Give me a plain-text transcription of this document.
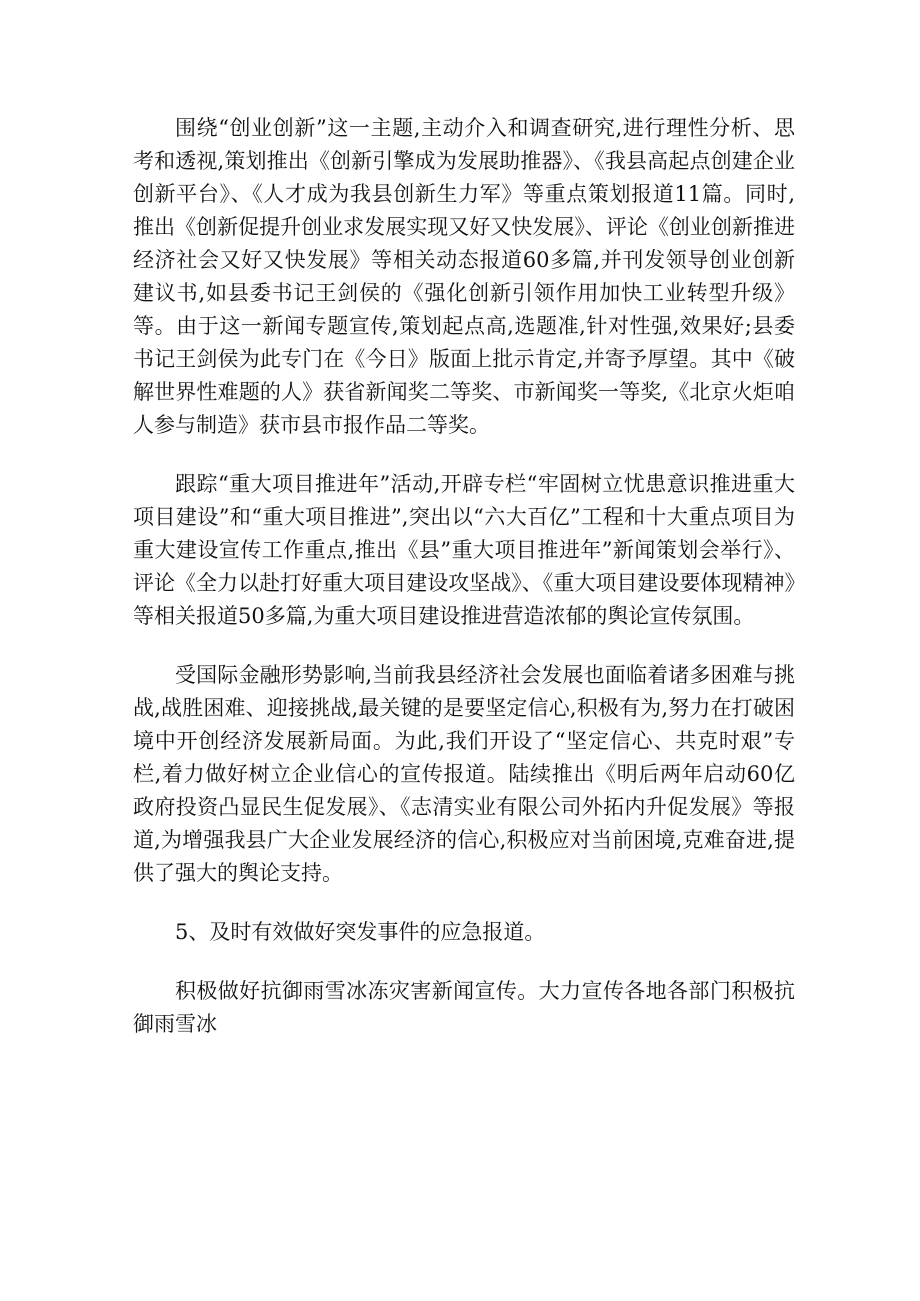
围绕“创业创新”这一主题,主动介入和调查研究,进行理性分析、思考和透视,策划推出《创新引擎成为发展助推器》、《我县高起点创建企业创新平台》、《人才成为我县创新生力军》等重点策划报道11篇。同时,推出《创新促提升创业求发展实现又好又快发展》、评论《创业创新推进经济社会又好又快发展》等相关动态报道60多篇,并刊发领导创业创新建议书,如县委书记王剑侯的《强化创新引领作用加快工业转型升级》等。由于这一新闻专题宣传,策划起点高,选题准,针对性强,效果好;县委书记王剑侯为此专门在《今日》版面上批示肯定,并寄予厚望。其中《破解世界性难题的人》获省新闻奖二等奖、市新闻奖一等奖,《北京火炬咱人参与制造》获市县市报作品二等奖。

跟踪“重大项目推进年”活动,开辟专栏“牢固树立忧患意识推进重大项目建设”和“重大项目推进”,突出以“六大百亿”工程和十大重点项目为重大建设宣传工作重点,推出《县”重大项目推进年”新闻策划会举行》、评论《全力以赴打好重大项目建设攻坚战》、《重大项目建设要体现精神》等相关报道50多篇,为重大项目建设推进营造浓郁的舆论宣传氛围。

受国际金融形势影响,当前我县经济社会发展也面临着诸多困难与挑战,战胜困难、迎接挑战,最关键的是要坚定信心,积极有为,努力在打破困境中开创经济发展新局面。为此,我们开设了“坚定信心、共克时艰”专栏,着力做好树立企业信心的宣传报道。陆续推出《明后两年启动60亿政府投资凸显民生促发展》、《志清实业有限公司外拓内升促发展》等报道,为增强我县广大企业发展经济的信心,积极应对当前困境,克难奋进,提供了强大的舆论支持。

5、及时有效做好突发事件的应急报道。

积极做好抗御雨雪冰冻灾害新闻宣传。大力宣传各地各部门积极抗御雨雪冰
